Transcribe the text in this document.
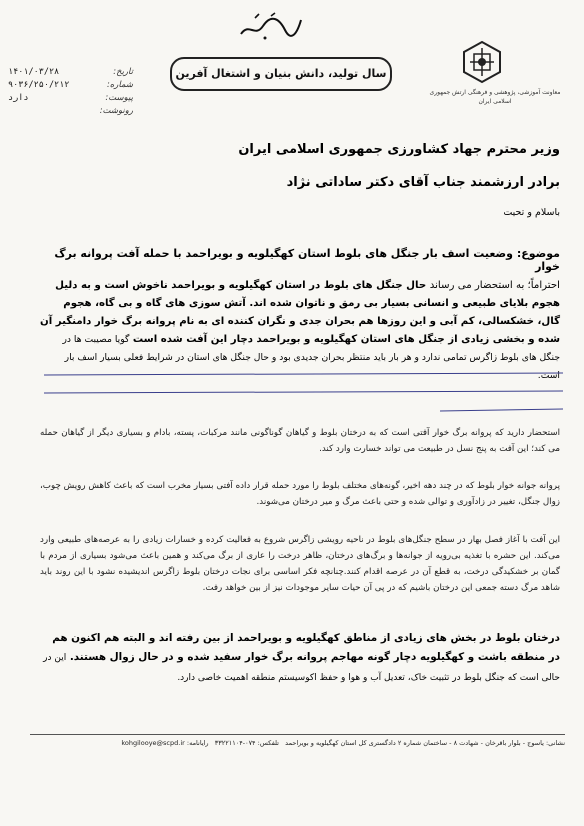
معاونت آموزشی، پژوهشی و فرهنگی ارتش جمهوری اسلامی ایران
سال تولید، دانش بنیان و اشتغال آفرین
تاریخ:
۱۴۰۱/۰۳/۲۸
شماره:
۹۰۳۶/۲۵۰/۲۱۲
پیوست:
دارد
رونوشت:
وزیر محترم جهاد کشاورزی جمهوری اسلامی ایران
برادر ارزشمند جناب آقای دکتر ساداتی نژاد
باسلام و تحیت
موضوع: وضعیت اسف بار جنگل های بلوط استان کهگیلویه و بویراحمد با حمله آفت پروانه برگ خوار
احتراماً؛ به استحضار می رساند حال جنگل های بلوط در استان کهگیلویه و بویراحمد ناخوش است و به دلیل هجوم بلایای طبیعی و انسانی بسیار بی رمق و ناتوان شده اند. آتش سوزی های گاه و بی گاه، هجوم گال، خشکسالی، کم آبی و این روزها هم بحران جدی و نگران کننده ای به نام پروانه برگ خوار دامنگیر آن شده و بخشی زیادی از جنگل های استان کهگیلویه و بویراحمد دچار این آفت شده است گویا مصیبت ها در جنگل های بلوط زاگرس تمامی ندارد و هر بار باید منتظر بحران جدیدی بود و حال جنگل های استان در شرایط فعلی بسیار اسف بار است.
استحضار دارید که پروانه برگ خوار آفتی است که به درختان بلوط و گیاهان گوناگونی مانند مرکبات، پسته، بادام و بسیاری دیگر از گیاهان حمله می کند؛ این آفت به پنج نسل در طبیعت می تواند خسارت وارد کند.
پروانه جوانه خوار بلوط که در چند دهه اخیر، گونه‌های مختلف بلوط را مورد حمله قرار داده آفتی بسیار مخرب است که باعث کاهش رویش چوب، زوال جنگل، تغییر در زادآوری و توالی شده و حتی باعث مرگ و میر درختان می‌شوند.
این آفت با آغاز فصل بهار در سطح جنگل‌های بلوط در ناحیه رویشی زاگرس شروع به فعالیت کرده و خسارات زیادی را به عرصه‌های طبیعی وارد می‌کند. این حشره با تغذیه بی‌رویه از جوانه‌ها و برگ‌های درختان، ظاهر درخت را عاری از برگ می‌کند و همین باعث می‌شود بسیاری از مردم با گمان بر خشکیدگی درخت، به قطع آن در عرصه اقدام کنند.چنانچه فکر اساسی برای نجات درختان بلوط زاگرس اندیشیده نشود با این روند باید شاهد مرگ دسته جمعی این درختان باشیم که در پی آن حیات سایر موجودات نیز از بین خواهد رفت.
درختان بلوط در بخش های زیادی از مناطق کهگیلویه و بویراحمد از بین رفته اند و البته هم اکنون هم در منطقه باشت و کهگیلویه دچار گونه مهاجم پروانه برگ خوار سفید شده و در حال زوال هستند. این در حالی است که جنگل بلوط در تثبیت خاک، تعدیل آب و هوا و حفظ اکوسیستم منطقه اهمیت خاصی دارد.
نشانی: یاسوج - بلوار باقرخان - شهادت ۸ - ساختمان شماره ۲ دادگستری کل استان کهگیلویه و بویراحمد   تلفکس: ۰۷۴-۳۳۲۲۱۱۰۴   رایانامه: kohgilooye@scpd.ir
